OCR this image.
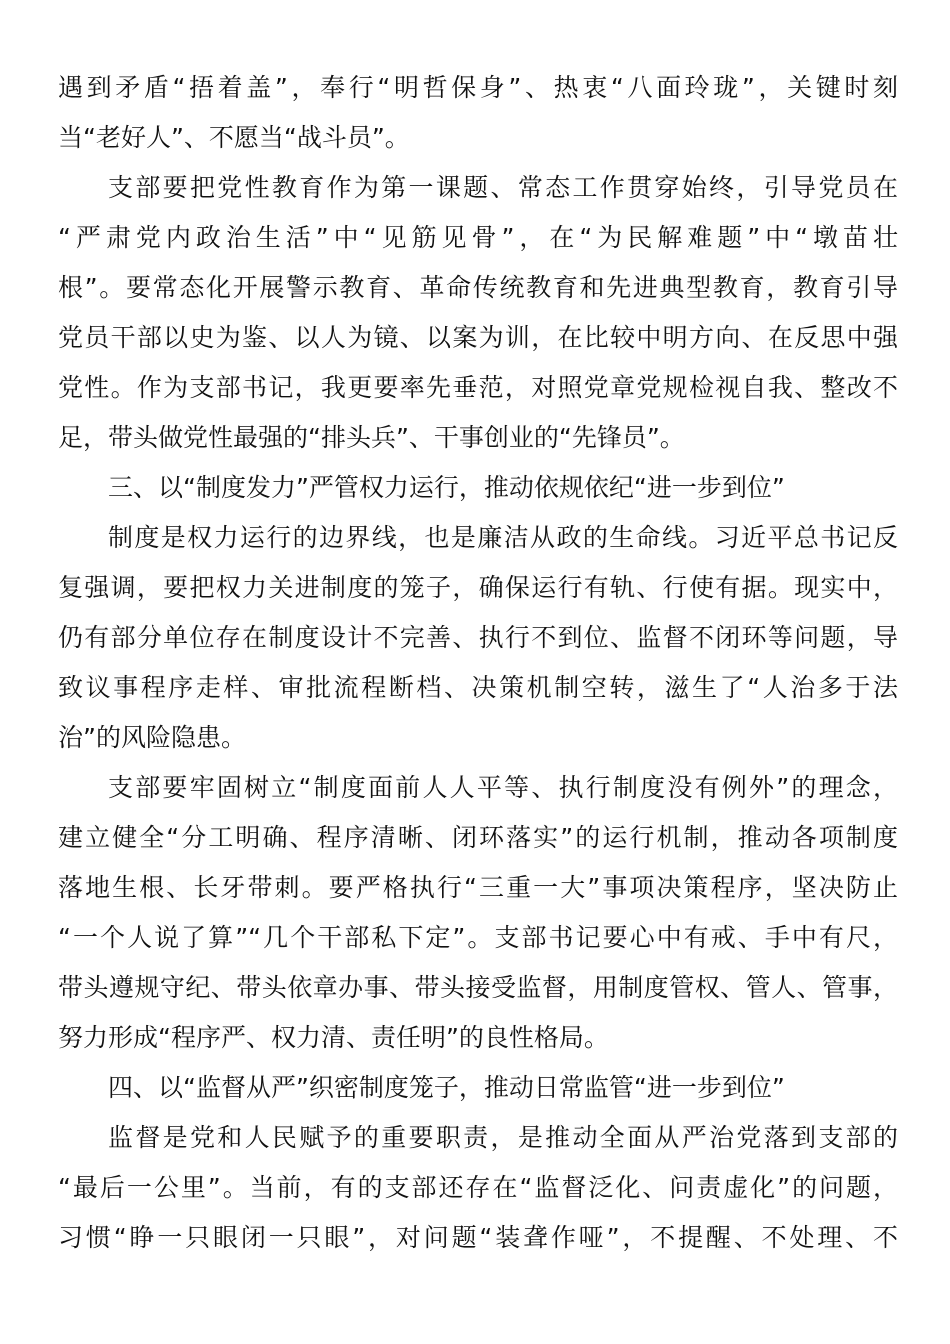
遇到矛盾“捂着盖”，奉行“明哲保身”、热衷“八面玲珑”，关键时刻
当“老好人”、不愿当“战斗员”。
支部要把党性教育作为第一课题、常态工作贯穿始终，引导党员在
“严肃党内政治生活”中“见筋见骨”，在“为民解难题”中“墩苗壮
根”。要常态化开展警示教育、革命传统教育和先进典型教育，教育引导
党员干部以史为鉴、以人为镜、以案为训，在比较中明方向、在反思中强
党性。作为支部书记，我更要率先垂范，对照党章党规检视自我、整改不
足，带头做党性最强的“排头兵”、干事创业的“先锋员”。
三、以“制度发力”严管权力运行，推动依规依纪“进一步到位”
制度是权力运行的边界线，也是廉洁从政的生命线。习近平总书记反
复强调，要把权力关进制度的笼子，确保运行有轨、行使有据。现实中，
仍有部分单位存在制度设计不完善、执行不到位、监督不闭环等问题，导
致议事程序走样、审批流程断档、决策机制空转，滋生了“人治多于法
治”的风险隐患。
支部要牢固树立“制度面前人人平等、执行制度没有例外”的理念，
建立健全“分工明确、程序清晰、闭环落实”的运行机制，推动各项制度
落地生根、长牙带刺。要严格执行“三重一大”事项决策程序，坚决防止
“一个人说了算”“几个干部私下定”。支部书记要心中有戒、手中有尺，
带头遵规守纪、带头依章办事、带头接受监督，用制度管权、管人、管事，
努力形成“程序严、权力清、责任明”的良性格局。
四、以“监督从严”织密制度笼子，推动日常监管“进一步到位”
监督是党和人民赋予的重要职责，是推动全面从严治党落到支部的
“最后一公里”。当前，有的支部还存在“监督泛化、问责虚化”的问题，
习惯“睁一只眼闭一只眼”，对问题“装聋作哑”，不提醒、不处理、不
